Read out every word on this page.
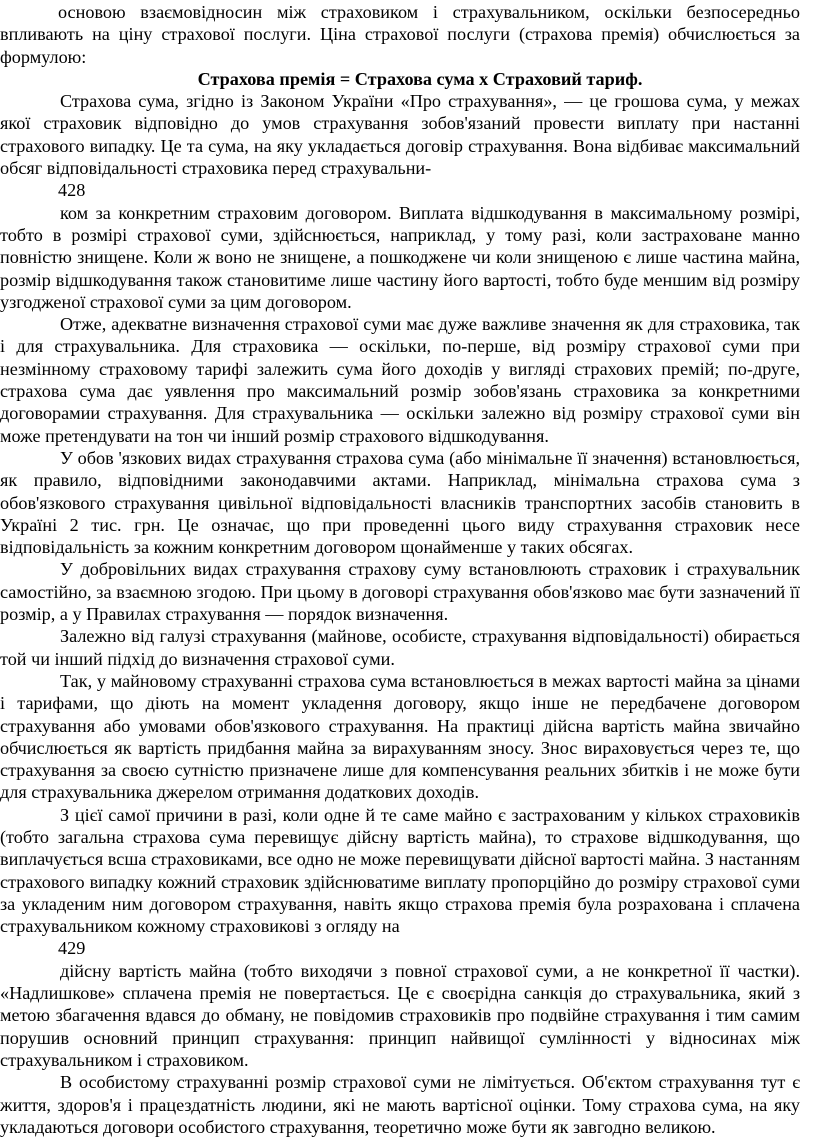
основою взаємовідносин між страховиком і страхувальником, оскільки безпосередньо впливають на ціну страхової послуги. Ціна страхової послуги (страхова премія) обчислюється за формулою:

Страхова премія = Страхова сума х Страховий тариф.

Страхова сума, згідно із Законом України «Про страхування», — це грошова сума, у межах якої страховик відповідно до умов страхування зобов'язаний провести виплату при настанні страхового випадку. Це та сума, на яку укладається договір страхування. Вона відбиває максимальний обсяг відповідальності страховика перед страхувальни-

428

ком за конкретним страховим договором. Виплата відшкодування в максимальному розмірі, тобто в розмірі страхової суми, здійснюється, наприклад, у тому разі, коли застраховане манно повністю знищене. Коли ж воно не знищене, а пошкоджене чи коли знищеною є лише частина майна, розмір відшкодування також становитиме лише частину його вартості, тобто буде меншим від розміру узгодженої страхової суми за цим договором.

Отже, адекватне визначення страхової суми має дуже важливе значення як для страховика, так і для страхувальника. Для страховика — оскільки, по-перше, від розміру страхової суми при незмінному страховому тарифі залежить сума його доходів у вигляді страхових премій; по-друге, страхова сума дає уявлення про максимальний розмір зобов'язань страховика за конкретними договорамии страхування. Для страхувальника — оскільки залежно від розміру страхової суми він може претендувати на тон чи інший розмір страхового відшкодування.

У обов 'язкових видах страхування страхова сума (або мінімальне її значення) встановлюється, як правило, відповідними законодавчими актами. Наприклад, мінімальна страхова сума з обов'язкового страхування цивільної відповідальності власників транспортних засобів становить в Україні 2 тис. грн. Це означає, що при проведенні цього виду страхування страховик несе відповідальність за кожним конкретним договором щонайменше у таких обсягах.

У добровільних видах страхування страхову суму встановлюють страховик і страхувальник самостійно, за взаємною згодою. При цьому в договорі страхування обов'язково має бути зазначений її розмір, а у Правилах страхування — порядок визначення.

Залежно від галузі страхування (майнове, особисте, страхування відповідальності) обирається той чи інший підхід до визначення страхової суми.

Так, у майновому страхуванні страхова сума встановлюється в межах вартості майна за цінами і тарифами, що діють на момент укладення договору, якщо інше не передбачене договором страхування або умовами обов'язкового страхування. На практиці дійсна вартість майна звичайно обчислюється як вартість придбання майна за вирахуванням зносу. Знос вираховується через те, що страхування за своєю сутністю призначене лише для компенсування реальних збитків і не може бути для страхувальника джерелом отримання додаткових доходів.

З цієї самої причини в разі, коли одне й те саме майно є застрахованим у кількох страховиків (тобто загальна страхова сума перевищує дійсну вартість майна), то страхове відшкодування, що виплачується всша страховиками, все одно не може перевищувати дійсної вартості майна. З настанням страхового випадку кожний страховик здійснюватиме виплату пропорційно до розміру страхової суми за укладеним ним договором страхування, навіть якщо страхова премія була розрахована і сплачена страхувальником кожному страховикові з огляду на

429

дійсну вартість майна (тобто виходячи з повної страхової суми, а не конкретної її частки). «Надлишкове» сплачена премія не повертається. Це є своєрідна санкція до страхувальника, який з метою збагачення вдався до обману, не повідомив страховиків про подвійне страхування і тим самим порушив основний принцип страхування: принцип найвищої сумлінності у відносинах між страхувальником і страховиком.

В особистому страхуванні розмір страхової суми не лімітується. Об'єктом страхування тут є життя, здоров'я і працездатність людини, які не мають вартісної оцінки. Тому страхова сума, на яку укладаються договори особистого страхування, теоретично може бути як завгодно великою.
